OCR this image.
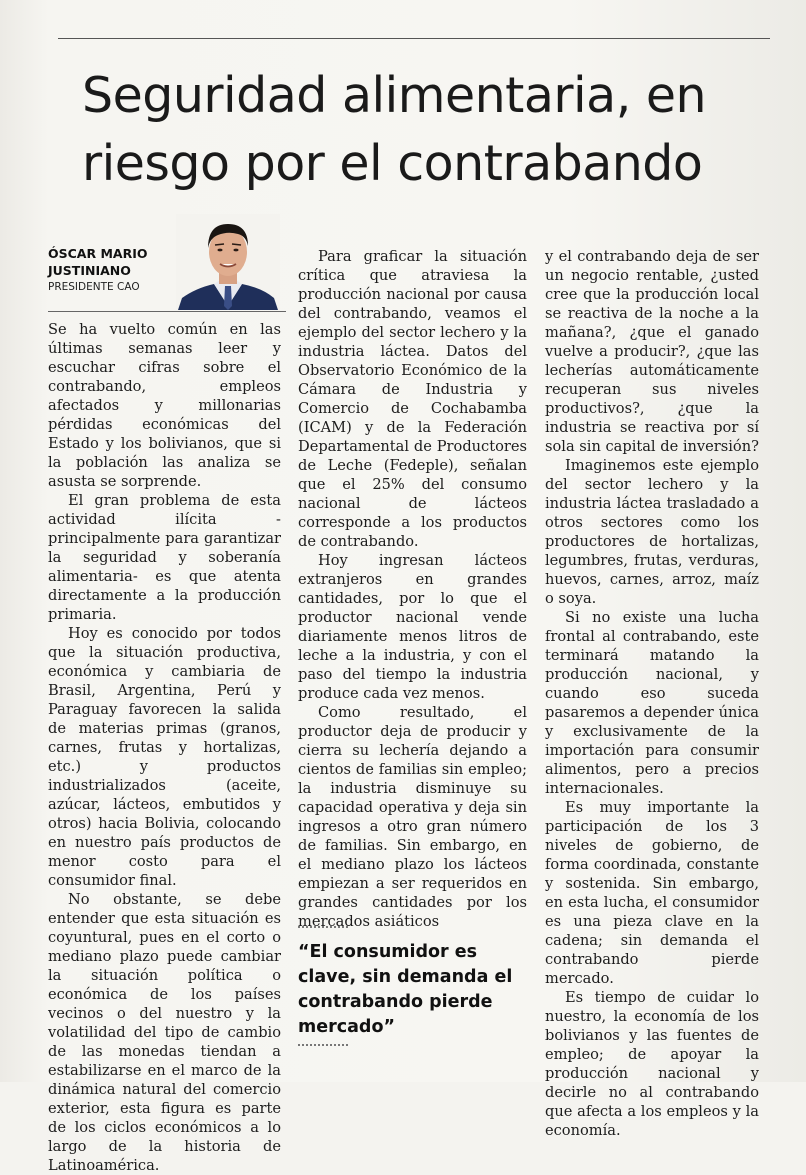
Seguridad alimentaria, en
riesgo por el contrabando
ÓSCAR MARIO JUSTINIANO
PRESIDENTE CAO

Se ha vuelto común en las últimas semanas leer y escuchar cifras sobre el contrabando, empleos afectados y millonarias pérdidas económicas del Estado y los bolivianos, que si la población las analiza se asusta se sorprende.

El gran problema de esta actividad ilícita -principalmente para garantizar la seguridad y soberanía alimentaria- es que atenta directamente a la producción primaria.

Hoy es conocido por todos que la situación productiva, económica y cambiaria de Brasil, Argentina, Perú y Paraguay favorecen la salida de materias primas (granos, carnes, frutas y hortalizas, etc.) y productos industrializados (aceite, azúcar, lácteos, embutidos y otros) hacia Bolivia, colocando en nuestro país productos de menor costo para el consumidor final.

No obstante, se debe entender que esta situación es coyuntural, pues en el corto o mediano plazo puede cambiar la situación política o económica de los países vecinos o del nuestro y la volatilidad del tipo de cambio de las monedas tiendan a estabilizarse en el marco de la dinámica natural del comercio exterior, esta figura es parte de los ciclos económicos a lo largo de la historia de Latinoamérica.

Para graficar la situación crítica que atraviesa la producción nacional por causa del contrabando, veamos el ejemplo del sector lechero y la industria láctea. Datos del Observatorio Económico de la Cámara de Industria y Comercio de Cochabamba (ICAM) y de la Federación Departamental de Productores de Leche (Fedeple), señalan que el 25% del consumo nacional de lácteos corresponde a los productos de contrabando.

Hoy ingresan lácteos extranjeros en grandes cantidades, por lo que el productor nacional vende diariamente menos litros de leche a la industria, y con el paso del tiempo la industria produce cada vez menos.

Como resultado, el productor deja de producir y cierra su lechería dejando a cientos de familias sin empleo; la industria disminuye su capacidad operativa y deja sin ingresos a otro gran número de familias. Sin embargo, en el mediano plazo los lácteos empiezan a ser requeridos en grandes cantidades por los mercados asiáticos

“El consumidor es clave, sin demanda el contrabando pierde mercado”

y el contrabando deja de ser un negocio rentable, ¿usted cree que la producción local se reactiva de la noche a la mañana?, ¿que el ganado vuelve a producir?, ¿que las lecherías automáticamente recuperan sus niveles productivos?, ¿que la industria se reactiva por sí sola sin capital de inversión?

Imaginemos este ejemplo del sector lechero y la industria láctea trasladado a otros sectores como los productores de hortalizas, legumbres, frutas, verduras, huevos, carnes, arroz, maíz o soya.

Si no existe una lucha frontal al contrabando, este terminará matando la producción nacional, y cuando eso suceda pasaremos a depender única y exclusivamente de la importación para consumir alimentos, pero a precios internacionales.

Es muy importante la participación de los 3 niveles de gobierno, de forma coordinada, constante y sostenida. Sin embargo, en esta lucha, el consumidor es una pieza clave en la cadena; sin demanda el contrabando pierde mercado.

Es tiempo de cuidar lo nuestro, la economía de los bolivianos y las fuentes de empleo; de apoyar la producción nacional y decirle no al contrabando que afecta a los empleos y la economía.
